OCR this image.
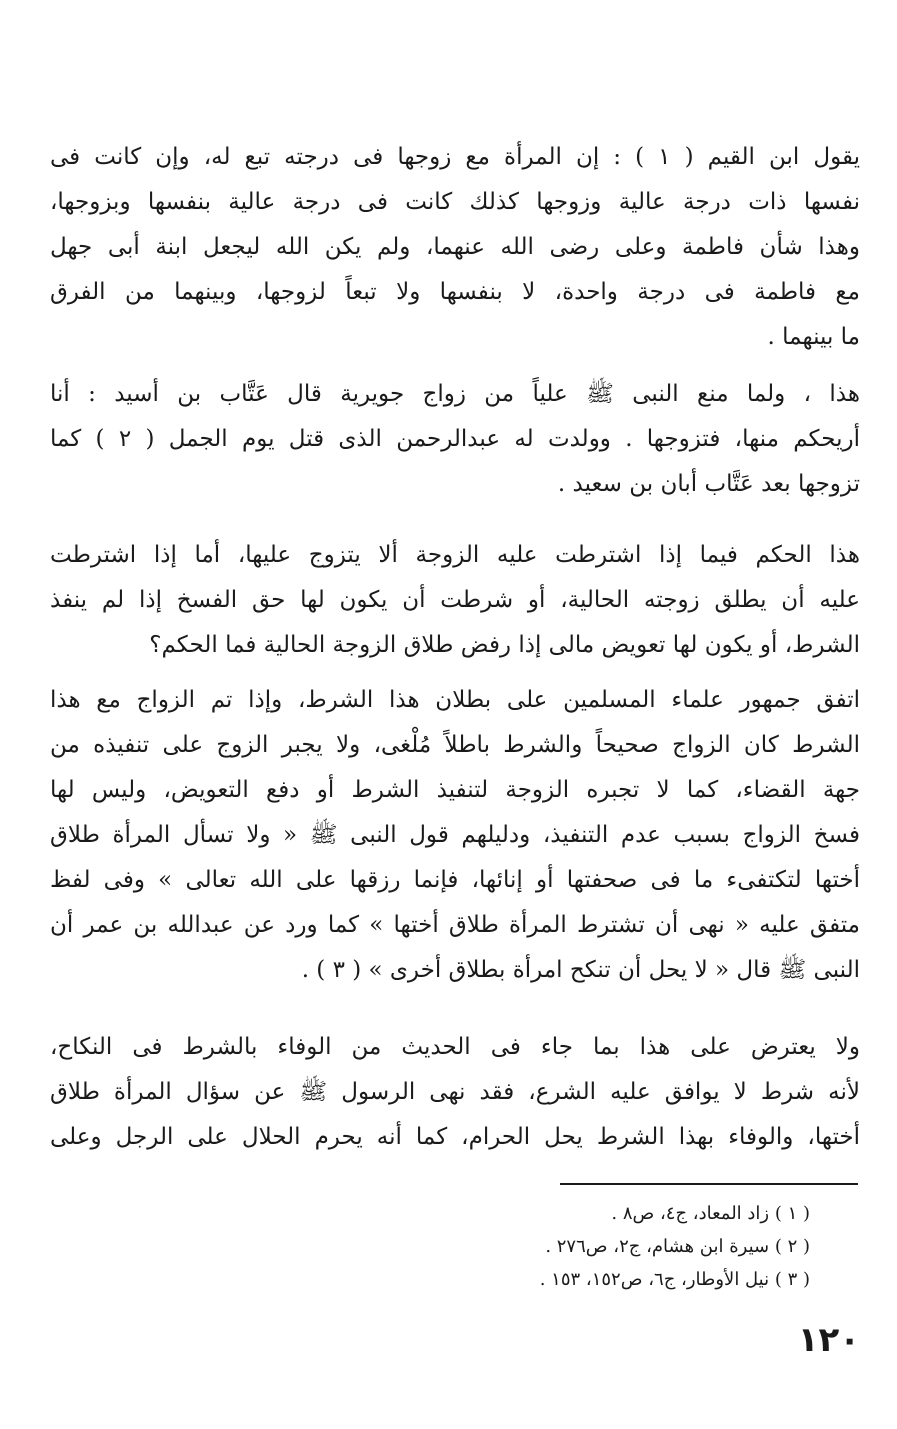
يقول ابن القيم ( ١ ) : إن المرأة مع زوجها فى درجته تبع له، وإن كانت فى
نفسها ذات درجة عالية وزوجها كذلك كانت فى درجة عالية بنفسها وبزوجها،
وهذا شأن فاطمة وعلى رضى الله عنهما، ولم يكن الله ليجعل ابنة أبى جهل
مع فاطمة فى درجة واحدة، لا بنفسها ولا تبعاً لزوجها، وبينهما من الفرق
ما بينهما .
هذا ، ولما منع النبى ﷺ علياً من زواج جويرية قال عَتَّاب بن أسيد : أنا
أريحكم منها، فتزوجها . وولدت له عبدالرحمن الذى قتل يوم الجمل ( ٢ ) كما
تزوجها بعد عَتَّاب أبان بن سعيد .
هذا الحكم فيما إذا اشترطت عليه الزوجة ألا يتزوج عليها، أما إذا اشترطت
عليه أن يطلق زوجته الحالية، أو شرطت أن يكون لها حق الفسخ إذا لم ينفذ
الشرط، أو يكون لها تعويض مالى إذا رفض طلاق الزوجة الحالية فما الحكم؟
اتفق جمهور علماء المسلمين على بطلان هذا الشرط، وإذا تم الزواج مع هذا
الشرط كان الزواج صحيحاً والشرط باطلاً مُلْغى، ولا يجبر الزوج على تنفيذه من
جهة القضاء، كما لا تجبره الزوجة لتنفيذ الشرط أو دفع التعويض، وليس لها
فسخ الزواج بسبب عدم التنفيذ، ودليلهم قول النبى ﷺ « ولا تسأل المرأة طلاق
أختها لتكتفىء ما فى صحفتها أو إنائها، فإنما رزقها على الله تعالى » وفى لفظ
متفق عليه « نهى أن تشترط المرأة طلاق أختها » كما ورد عن عبدالله بن عمر أن
النبى ﷺ قال « لا يحل أن تنكح امرأة بطلاق أخرى » ( ٣ ) .
ولا يعترض على هذا بما جاء فى الحديث من الوفاء بالشرط فى النكاح،
لأنه شرط لا يوافق عليه الشرع، فقد نهى الرسول ﷺ عن سؤال المرأة طلاق
أختها، والوفاء بهذا الشرط يحل الحرام، كما أنه يحرم الحلال على الرجل وعلى
( ١ ) زاد المعاد، ج٤، ص٨ .
( ٢ ) سيرة ابن هشام، ج٢، ص٢٧٦ .
( ٣ ) نيل الأوطار، ج٦، ص١٥٢، ١٥٣ .
١٢٠
